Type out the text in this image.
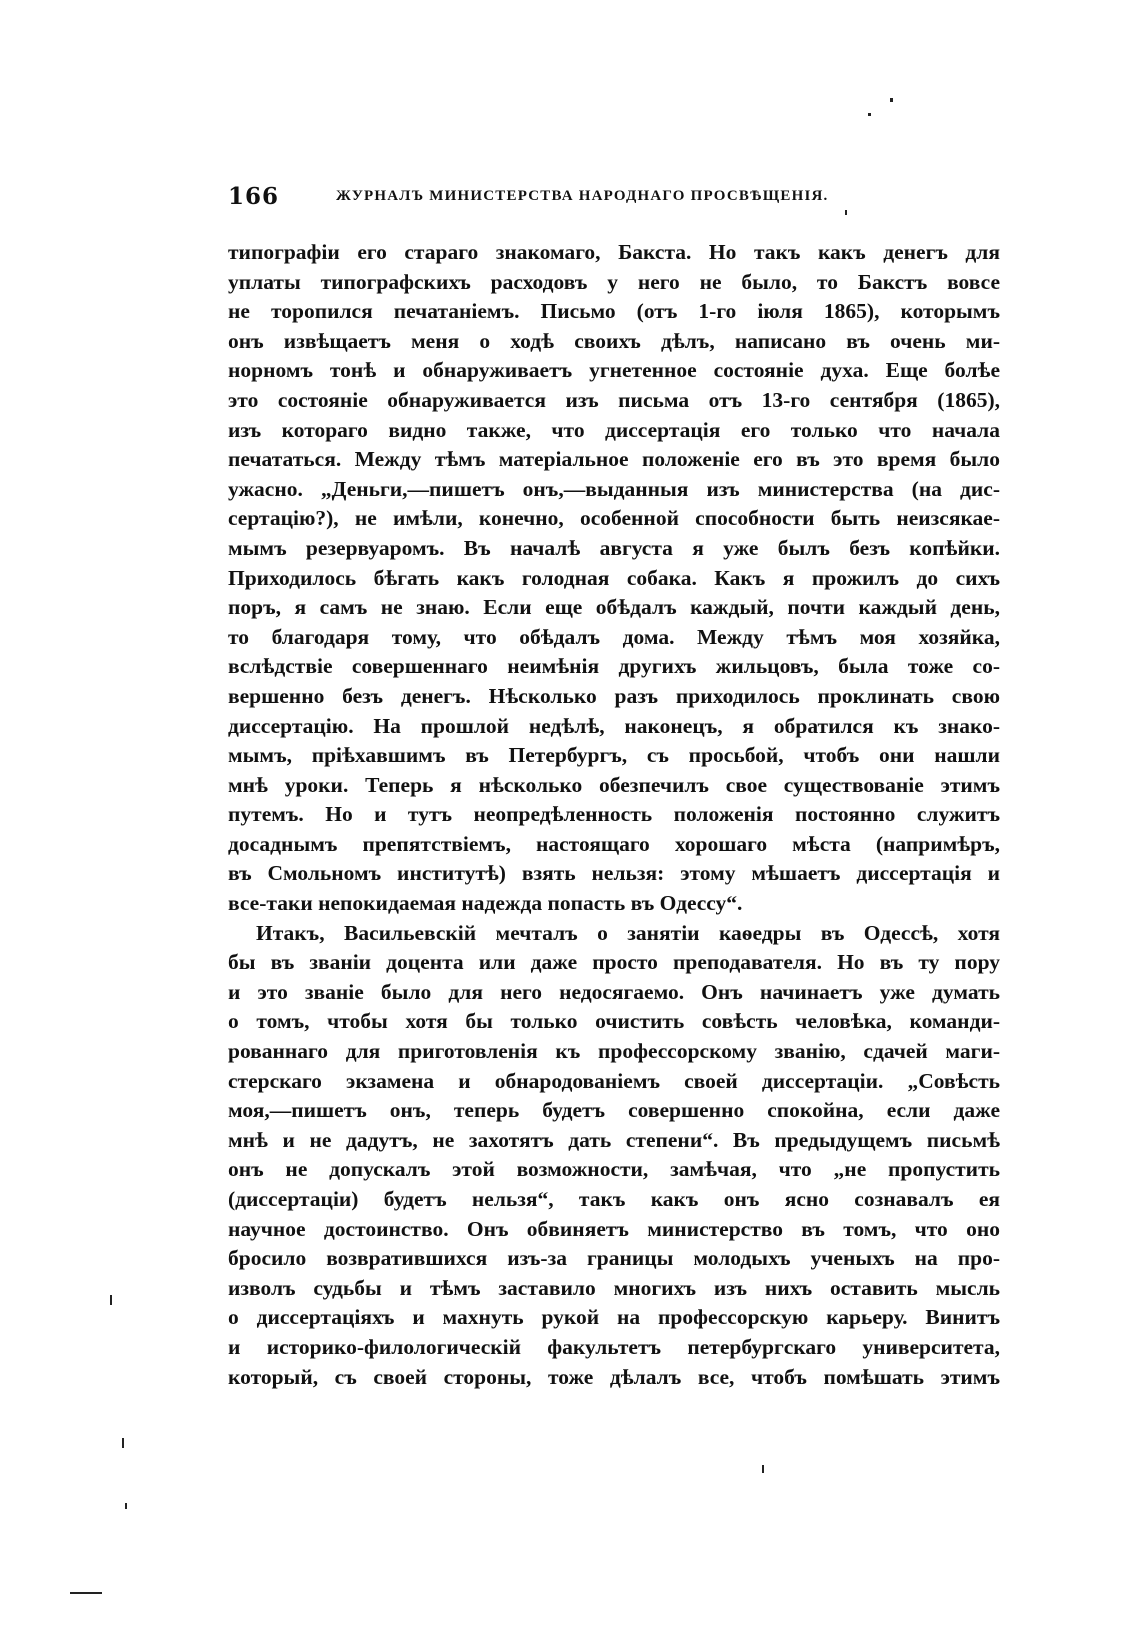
166	ЖУРНАЛЪ МИНИСТЕРСТВА НАРОДНАГО ПРОСВѢЩЕНІЯ.
типографіи его стараго знакомаго, Бакста. Но такъ какъ денегъ для
уплаты типографскихъ расходовъ у него не было, то Бакстъ вовсе
не торопился печатаніемъ. Письмо (отъ 1-го іюля 1865), которымъ
онъ извѣщаетъ меня о ходѣ своихъ дѣлъ, написано въ очень ми-
норномъ тонѣ и обнаруживаетъ угнетенное состояніе духа. Еще болѣе
это состояніе обнаруживается изъ письма отъ 13-го сентября (1865),
изъ котораго видно также, что диссертація его только что начала
печататься. Между тѣмъ матеріальное положеніе его въ это время было
ужасно. „Деньги,—пишетъ онъ,—выданныя изъ министерства (на дис-
сертацію?), не имѣли, конечно, особенной способности быть неизсякае-
мымъ резервуаромъ. Въ началѣ августа я уже былъ безъ копѣйки.
Приходилось бѣгать какъ голодная собака. Какъ я прожилъ до сихъ
поръ, я самъ не знаю. Если еще обѣдалъ каждый, почти каждый день,
то благодаря тому, что обѣдалъ дома. Между тѣмъ моя хозяйка,
вслѣдствіе совершеннаго неимѣнія другихъ жильцовъ, была тоже со-
вершенно безъ денегъ. Нѣсколько разъ приходилось проклинать свою
диссертацію. На прошлой недѣлѣ, наконецъ, я обратился къ знако-
мымъ, пріѣхавшимъ въ Петербургъ, съ просьбой, чтобъ они нашли
мнѣ уроки. Теперь я нѣсколько обезпечилъ свое существованіе этимъ
путемъ. Но и тутъ неопредѣленность положенія постоянно служитъ
досаднымъ препятствіемъ, настоящаго хорошаго мѣста (напримѣръ,
въ Смольномъ институтѣ) взять нельзя: этому мѣшаетъ диссертація и
все-таки непокидаемая надежда попасть въ Одессу“.
Итакъ, Васильевскій мечталъ о занятіи каѳедры въ Одессѣ, хотя
бы въ званіи доцента или даже просто преподавателя. Но въ ту пору
и это званіе было для него недосягаемо. Онъ начинаетъ уже думать
о томъ, чтобы хотя бы только очистить совѣсть человѣка, команди-
рованнаго для приготовленія къ профессорскому званію, сдачей маги-
стерскаго экзамена и обнародованіемъ своей диссертаціи. „Совѣсть
моя,—пишетъ онъ, теперь будетъ совершенно спокойна, если даже
мнѣ и не дадутъ, не захотятъ дать степени“. Въ предыдущемъ письмѣ
онъ не допускалъ этой возможности, замѣчая, что „не пропустить
(диссертаціи) будетъ нельзя“, такъ какъ онъ ясно сознавалъ ея
научное достоинство. Онъ обвиняетъ министерство въ томъ, что оно
бросило возвратившихся изъ-за границы молодыхъ ученыхъ на про-
изволъ судьбы и тѣмъ заставило многихъ изъ нихъ оставить мысль
о диссертаціяхъ и махнуть рукой на профессорскую карьеру. Винитъ
и историко-филологическій факультетъ петербургскаго университета,
который, съ своей стороны, тоже дѣлалъ все, чтобъ помѣшать этимъ
